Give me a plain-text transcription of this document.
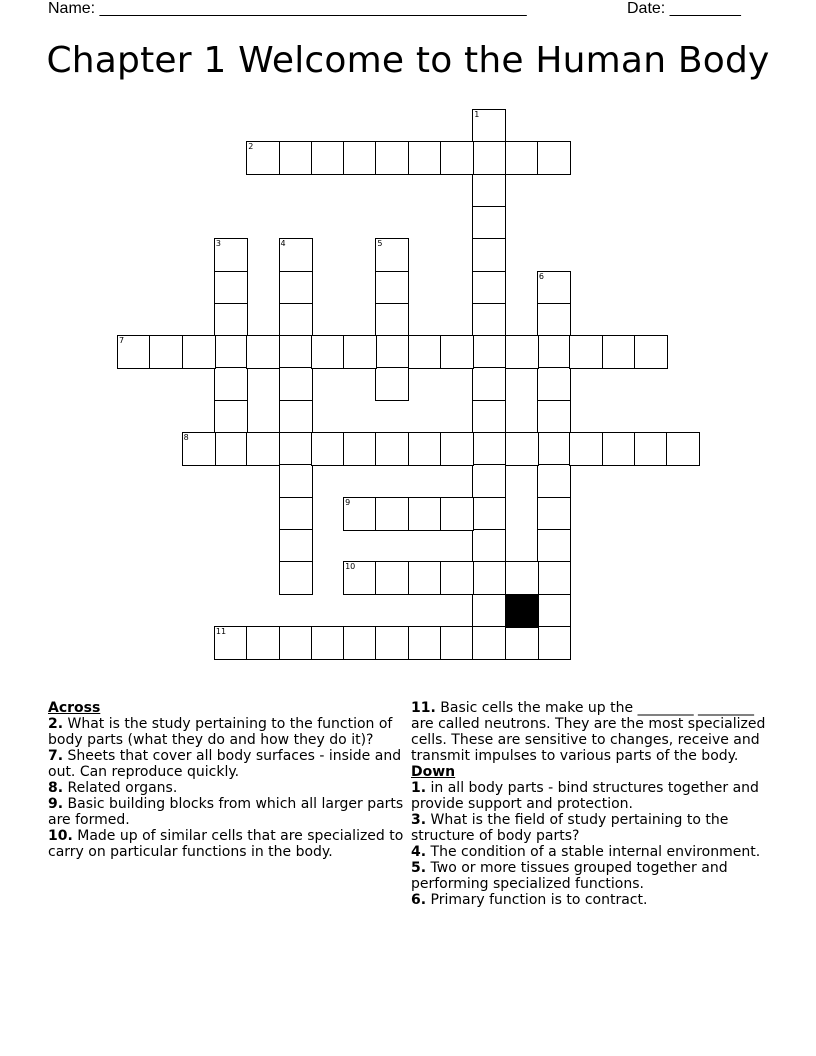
Name: ________________________________________________	Date: ________
Chapter 1 Welcome to the Human Body
1
2
3	4	5
6
7
8
9
10
11
Across

2. What is the study pertaining to the function of body parts (what they do and how they do it)?

7. Sheets that cover all body surfaces - inside and out. Can reproduce quickly.

8. Related organs.

9. Basic building blocks from which all larger parts are formed.

10. Made up of similar cells that are specialized to carry on particular functions in the body.

11. Basic cells the make up the ________ ________ are called neutrons. They are the most specialized cells. These are sensitive to changes, receive and transmit impulses to various parts of the body.

Down

1. in all body parts - bind structures together and provide support and protection.

3. What is the field of study pertaining to the structure of body parts?

4. The condition of a stable internal environment.

5. Two or more tissues grouped together and performing specialized functions.

6. Primary function is to contract.
